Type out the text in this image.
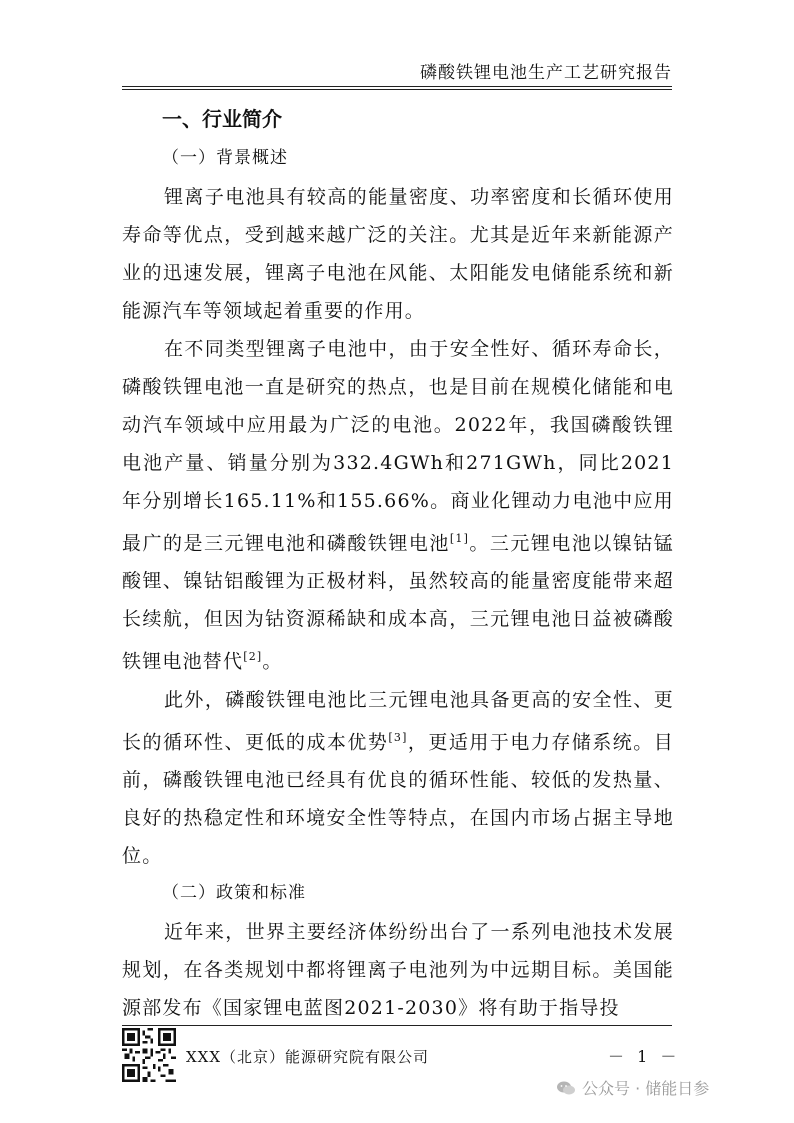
磷酸铁锂电池生产工艺研究报告
一、行业简介
（一）背景概述

锂离子电池具有较高的能量密度、功率密度和长循环使用寿命等优点，受到越来越广泛的关注。尤其是近年来新能源产业的迅速发展，锂离子电池在风能、太阳能发电储能系统和新能源汽车等领域起着重要的作用。

在不同类型锂离子电池中，由于安全性好、循环寿命长，磷酸铁锂电池一直是研究的热点，也是目前在规模化储能和电动汽车领域中应用最为广泛的电池。2022年，我国磷酸铁锂电池产量、销量分别为332.4GWh和271GWh，同比2021年分别增长165.11%和155.66%。商业化锂动力电池中应用最广的是三元锂电池和磷酸铁锂电池[1]。三元锂电池以镍钴锰酸锂、镍钴铝酸锂为正极材料，虽然较高的能量密度能带来超长续航，但因为钴资源稀缺和成本高，三元锂电池日益被磷酸铁锂电池替代[2]。

此外，磷酸铁锂电池比三元锂电池具备更高的安全性、更长的循环性、更低的成本优势[3]，更适用于电力存储系统。目前，磷酸铁锂电池已经具有优良的循环性能、较低的发热量、良好的热稳定性和环境安全性等特点，在国内市场占据主导地位。

（二）政策和标准

近年来，世界主要经济体纷纷出台了一系列电池技术发展规划，在各类规划中都将锂离子电池列为中远期目标。美国能源部发布《国家锂电蓝图2021-2030》将有助于指导投

XXX（北京）能源研究院有限公司	－ 1 －
公众号 · 储能日参
